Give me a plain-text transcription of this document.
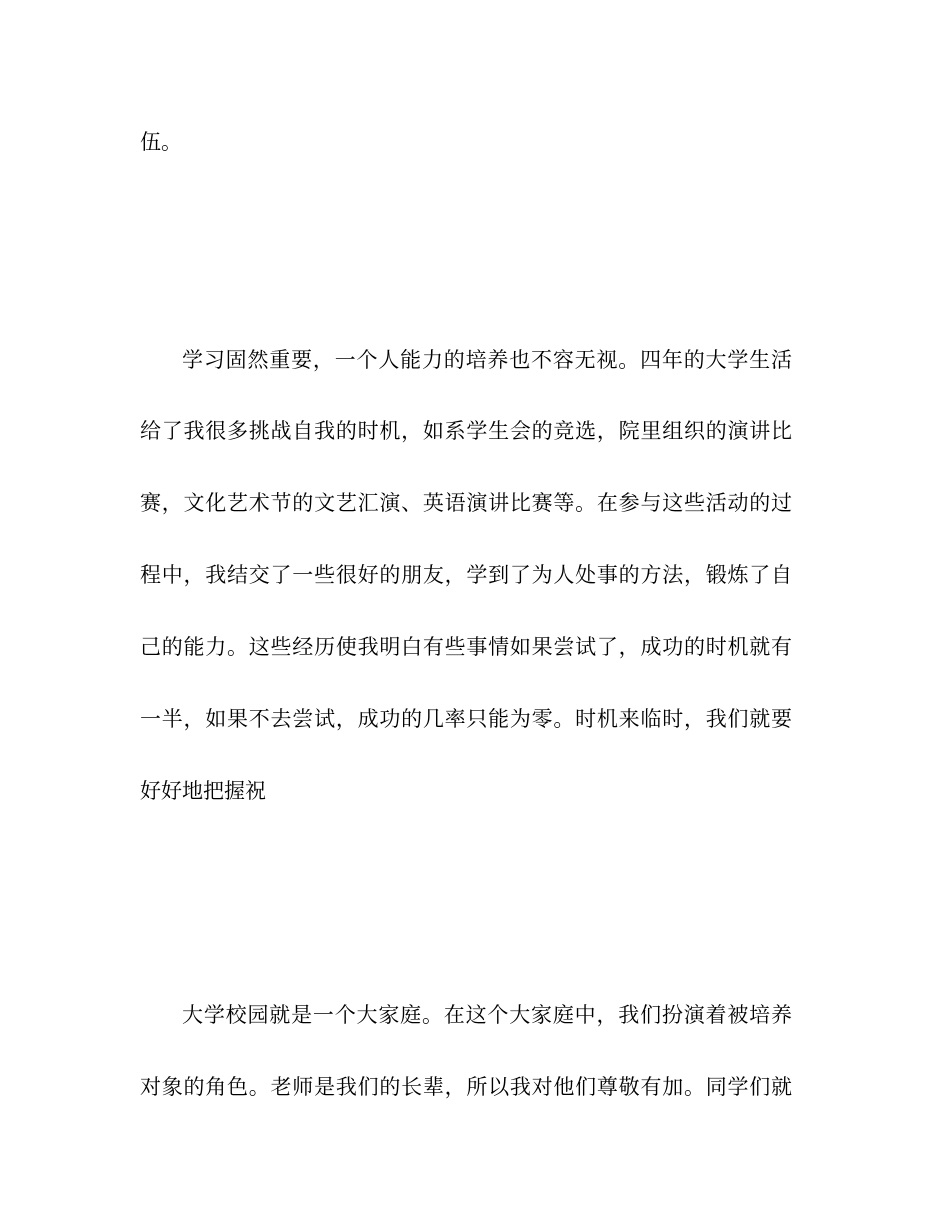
伍。

学习固然重要，一个人能力的培养也不容无视。四年的大学生活

给了我很多挑战自我的时机，如系学生会的竞选，院里组织的演讲比

赛，文化艺术节的文艺汇演、英语演讲比赛等。在参与这些活动的过

程中，我结交了一些很好的朋友，学到了为人处事的方法，锻炼了自

己的能力。这些经历使我明白有些事情如果尝试了，成功的时机就有

一半，如果不去尝试，成功的几率只能为零。时机来临时，我们就要

好好地把握祝

大学校园就是一个大家庭。在这个大家庭中，我们扮演着被培养

对象的角色。老师是我们的长辈，所以我对他们尊敬有加。同学们就
